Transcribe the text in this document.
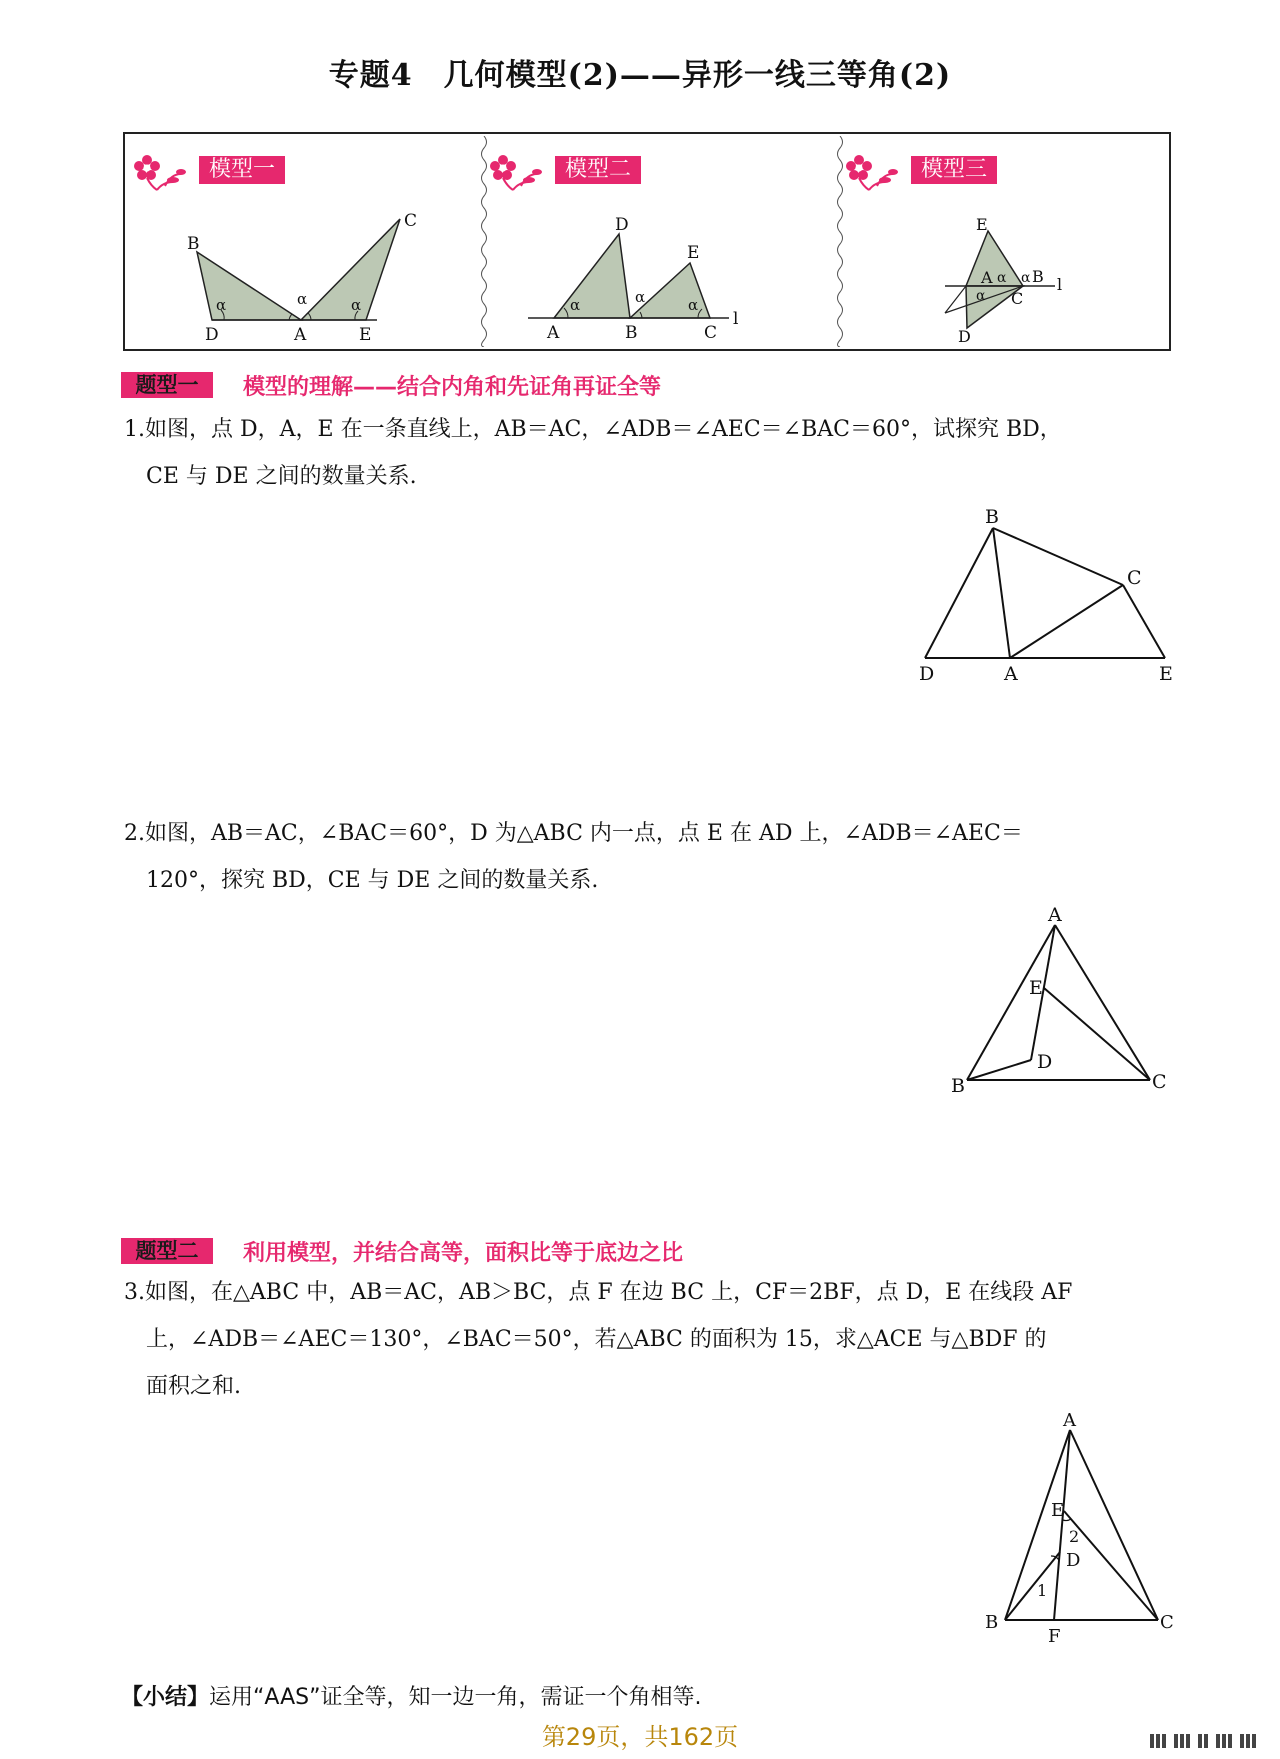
专题4　几何模型(2)——异形一线三等角(2)
模型一
B
C
D	A	E
α	α	α
模型二
D
E
A	B	C
l
α	α	α
模型三
E
A B
C
D
l
α
α
α
题型一	模型的理解——结合内角和先证角再证全等
1.如图，点 D，A，E 在一条直线上，AB＝AC，∠ADB＝∠AEC＝∠BAC＝60°，试探究 BD，
CE 与 DE 之间的数量关系.
B
C
D	A	E
2.如图，AB＝AC，∠BAC＝60°，D 为△ABC 内一点，点 E 在 AD 上，∠ADB＝∠AEC＝
120°，探究 BD，CE 与 DE 之间的数量关系.
A
E
D
B	C
题型二	利用模型，并结合高等，面积比等于底边之比
3.如图，在△ABC 中，AB＝AC，AB＞BC，点 F 在边 BC 上，CF＝2BF，点 D，E 在线段 AF
上，∠ADB＝∠AEC＝130°，∠BAC＝50°，若△ABC 的面积为 15，求△ACE 与△BDF 的
面积之和.
A
E
2
D
1
B
F
C
【小结】运用“AAS”证全等，知一边一角，需证一个角相等.
第29页，共162页
